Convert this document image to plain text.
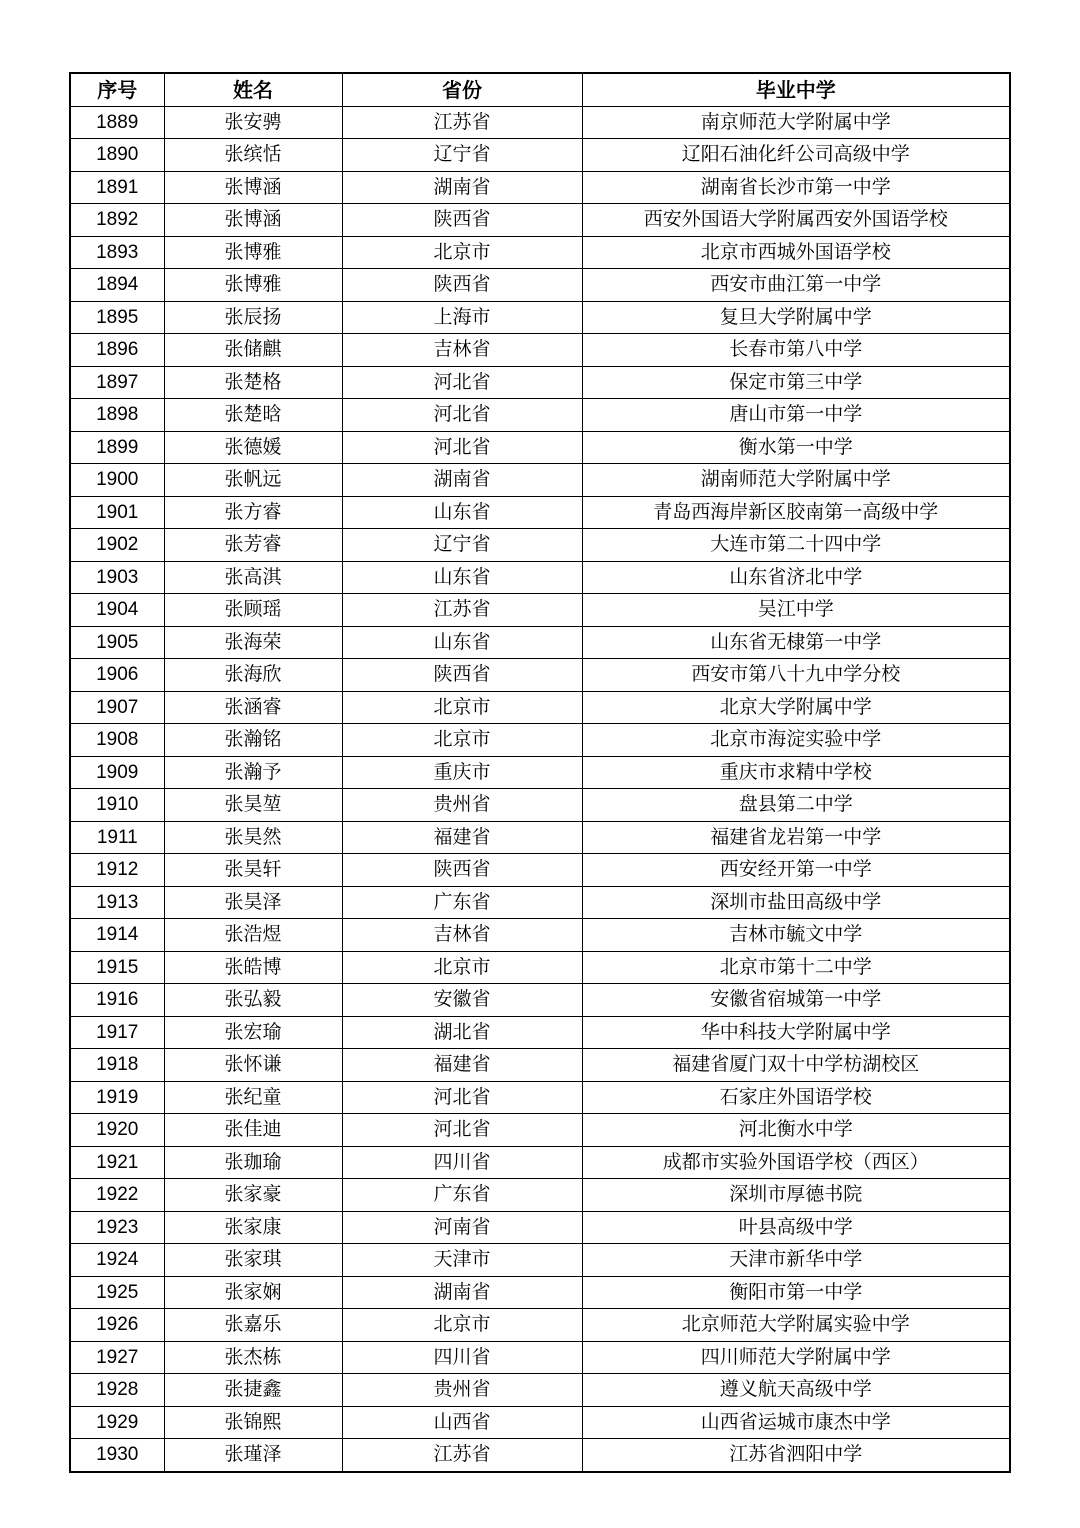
序号	姓名	省份	毕业中学
1889	张安骋	江苏省	南京师范大学附属中学
1890	张缤恬	辽宁省	辽阳石油化纤公司高级中学
1891	张博涵	湖南省	湖南省长沙市第一中学
1892	张博涵	陕西省	西安外国语大学附属西安外国语学校
1893	张博雅	北京市	北京市西城外国语学校
1894	张博雅	陕西省	西安市曲江第一中学
1895	张辰扬	上海市	复旦大学附属中学
1896	张储麒	吉林省	长春市第八中学
1897	张楚格	河北省	保定市第三中学
1898	张楚晗	河北省	唐山市第一中学
1899	张德媛	河北省	衡水第一中学
1900	张帆远	湖南省	湖南师范大学附属中学
1901	张方睿	山东省	青岛西海岸新区胶南第一高级中学
1902	张芳睿	辽宁省	大连市第二十四中学
1903	张高淇	山东省	山东省济北中学
1904	张顾瑶	江苏省	吴江中学
1905	张海荣	山东省	山东省无棣第一中学
1906	张海欣	陕西省	西安市第八十九中学分校
1907	张涵睿	北京市	北京大学附属中学
1908	张瀚铭	北京市	北京市海淀实验中学
1909	张瀚予	重庆市	重庆市求精中学校
1910	张昊堃	贵州省	盘县第二中学
1911	张昊然	福建省	福建省龙岩第一中学
1912	张昊轩	陕西省	西安经开第一中学
1913	张昊泽	广东省	深圳市盐田高级中学
1914	张浩煜	吉林省	吉林市毓文中学
1915	张皓博	北京市	北京市第十二中学
1916	张弘毅	安徽省	安徽省宿城第一中学
1917	张宏瑜	湖北省	华中科技大学附属中学
1918	张怀谦	福建省	福建省厦门双十中学枋湖校区
1919	张纪童	河北省	石家庄外国语学校
1920	张佳迪	河北省	河北衡水中学
1921	张珈瑜	四川省	成都市实验外国语学校（西区）
1922	张家豪	广东省	深圳市厚德书院
1923	张家康	河南省	叶县高级中学
1924	张家琪	天津市	天津市新华中学
1925	张家娴	湖南省	衡阳市第一中学
1926	张嘉乐	北京市	北京师范大学附属实验中学
1927	张杰栋	四川省	四川师范大学附属中学
1928	张捷鑫	贵州省	遵义航天高级中学
1929	张锦熙	山西省	山西省运城市康杰中学
1930	张瑾泽	江苏省	江苏省泗阳中学
